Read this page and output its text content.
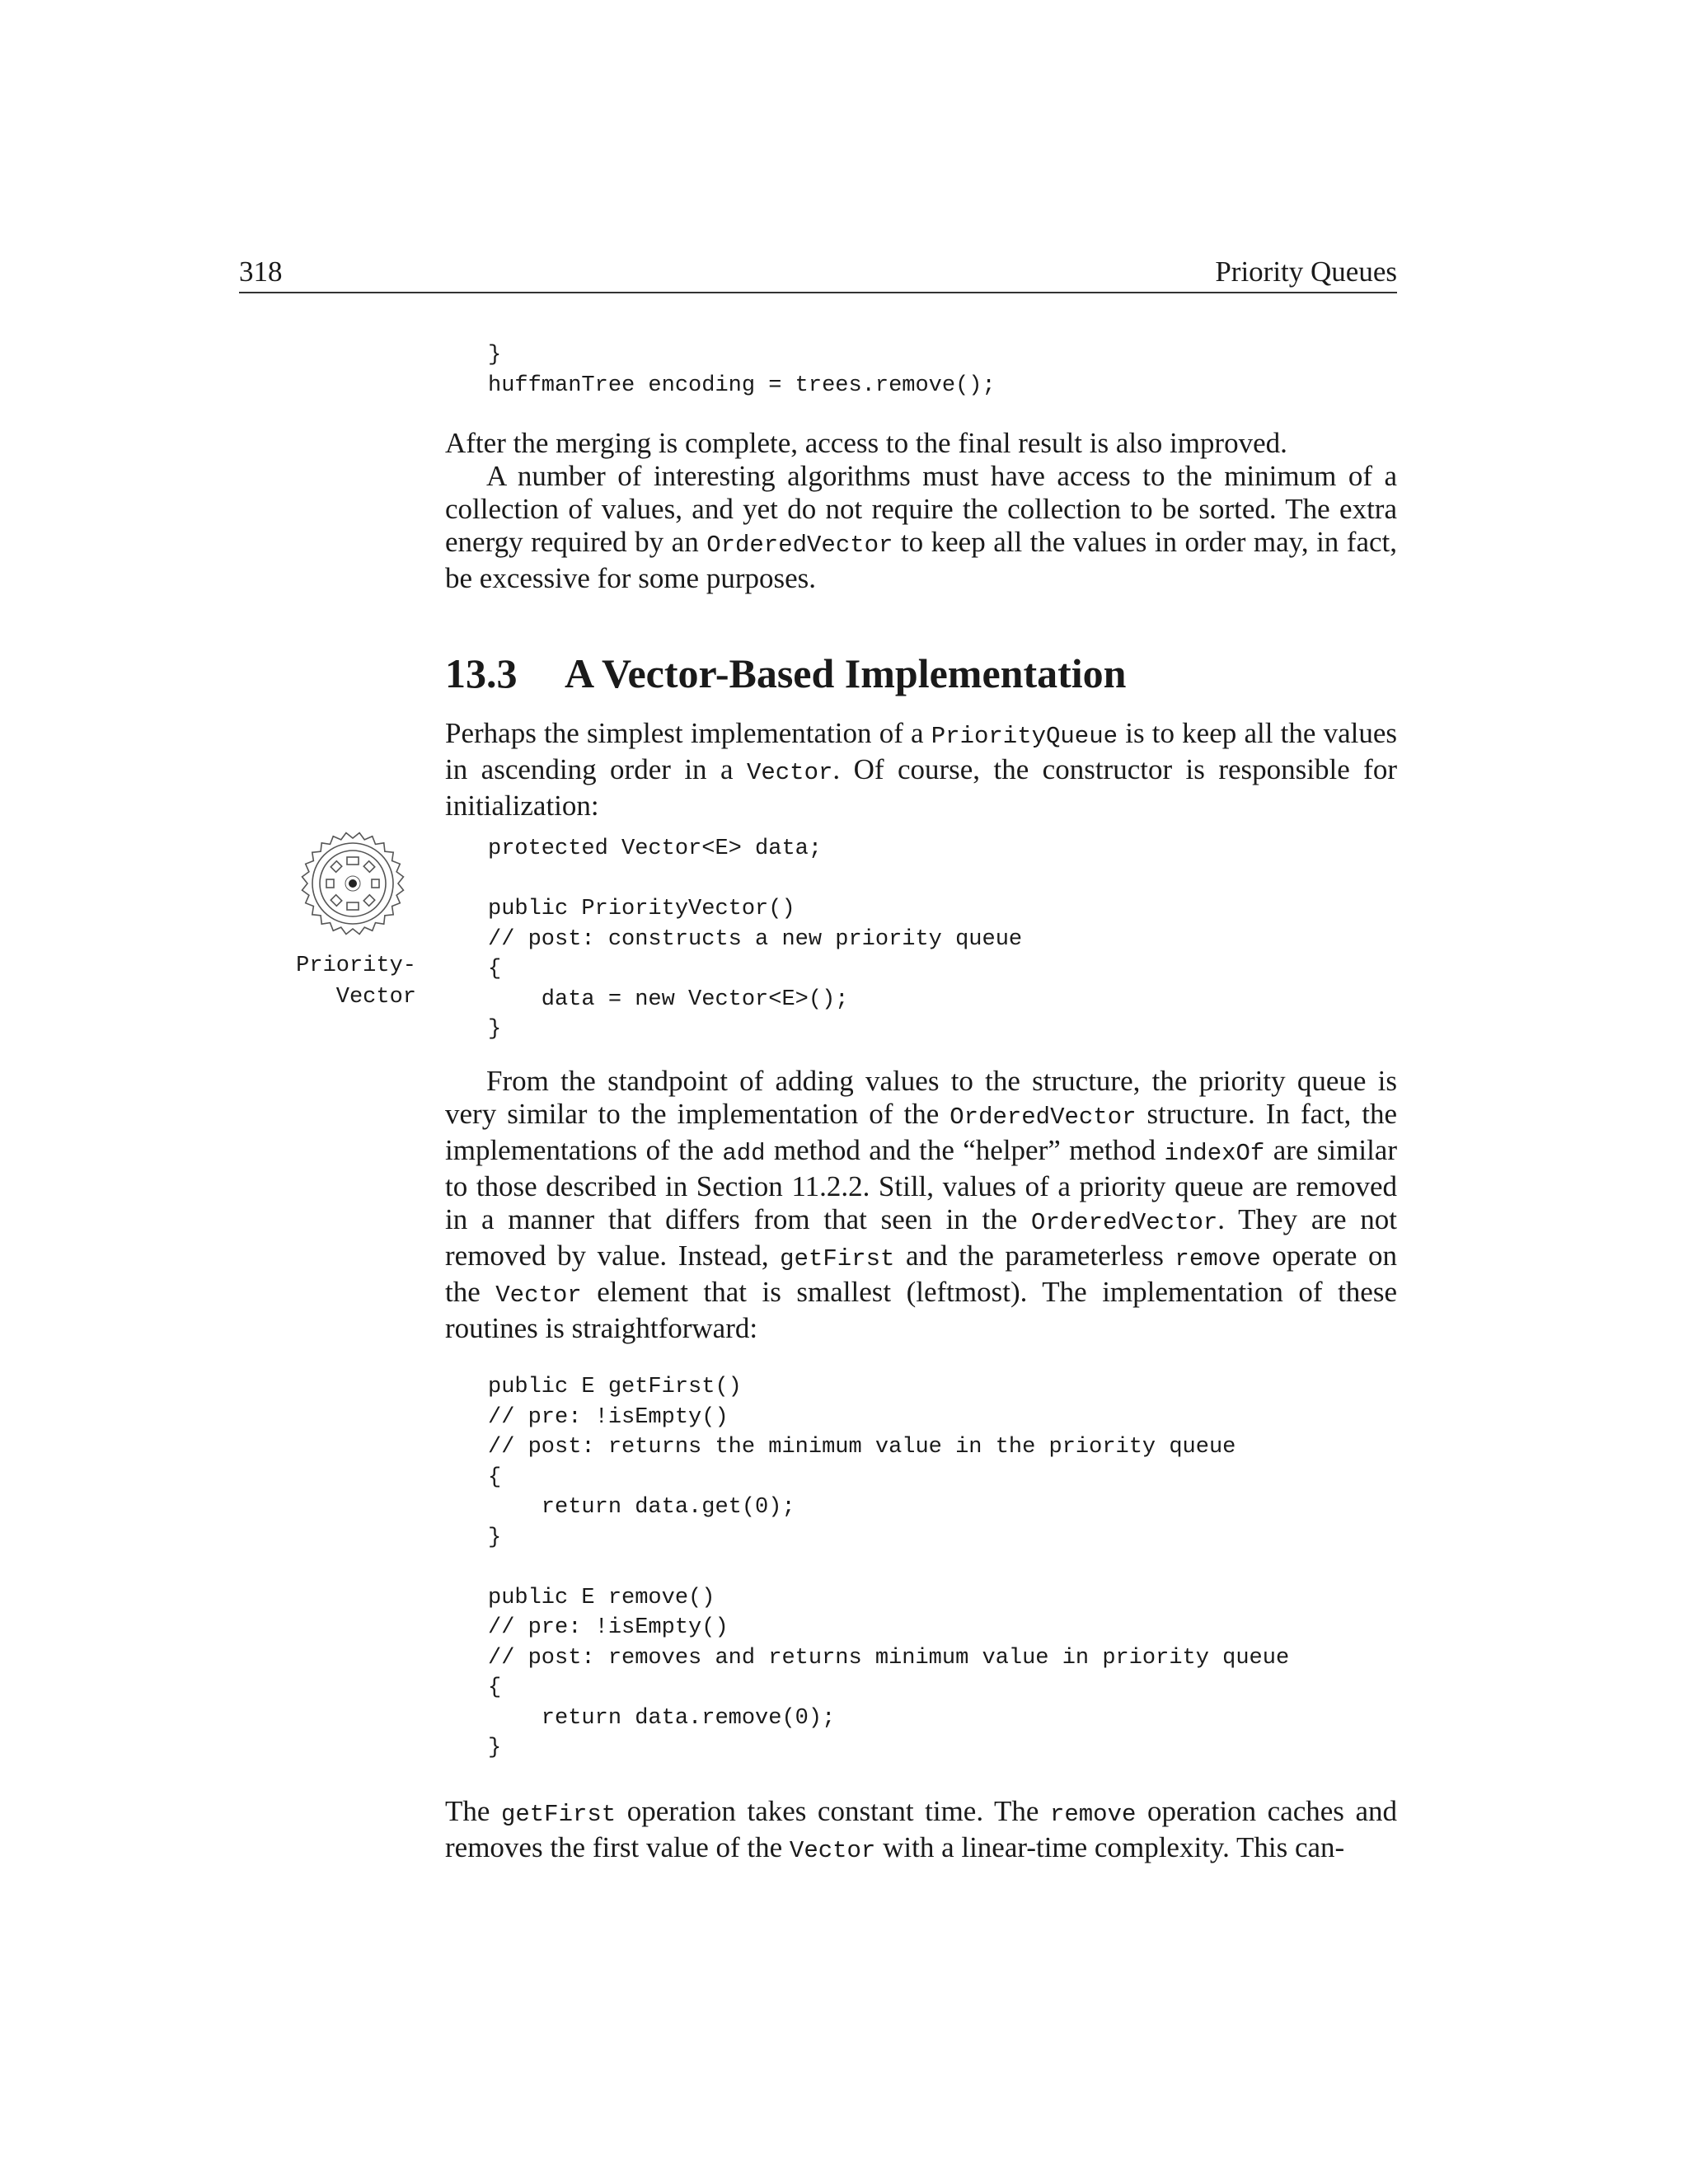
318	Priority Queues
}
huffmanTree encoding = trees.remove();

After the merging is complete, access to the final result is also improved.

A number of interesting algorithms must have access to the minimum of a collection of values, and yet do not require the collection to be sorted. The extra energy required by an OrderedVector to keep all the values in order may, in fact, be excessive for some purposes.

13.3 A Vector-Based Implementation

Perhaps the simplest implementation of a PriorityQueue is to keep all the values in ascending order in a Vector. Of course, the constructor is responsible for initialization:

Priority-
Vector
protected Vector<E> data;

public PriorityVector()
// post: constructs a new priority queue
{
data = new Vector<E>();
}

From the standpoint of adding values to the structure, the priority queue is very similar to the implementation of the OrderedVector structure. In fact, the implementations of the add method and the “helper” method indexOf are similar to those described in Section 11.2.2. Still, values of a priority queue are removed in a manner that differs from that seen in the OrderedVector. They are not removed by value. Instead, getFirst and the parameterless remove operate on the Vector element that is smallest (leftmost). The implementation of these routines is straightforward:

public E getFirst()
// pre: !isEmpty()
// post: returns the minimum value in the priority queue
{
return data.get(0);
}

public E remove()
// pre: !isEmpty()
// post: removes and returns minimum value in priority queue
{
return data.remove(0);
}

The getFirst operation takes constant time. The remove operation caches and removes the first value of the Vector with a linear-time complexity. This can-
